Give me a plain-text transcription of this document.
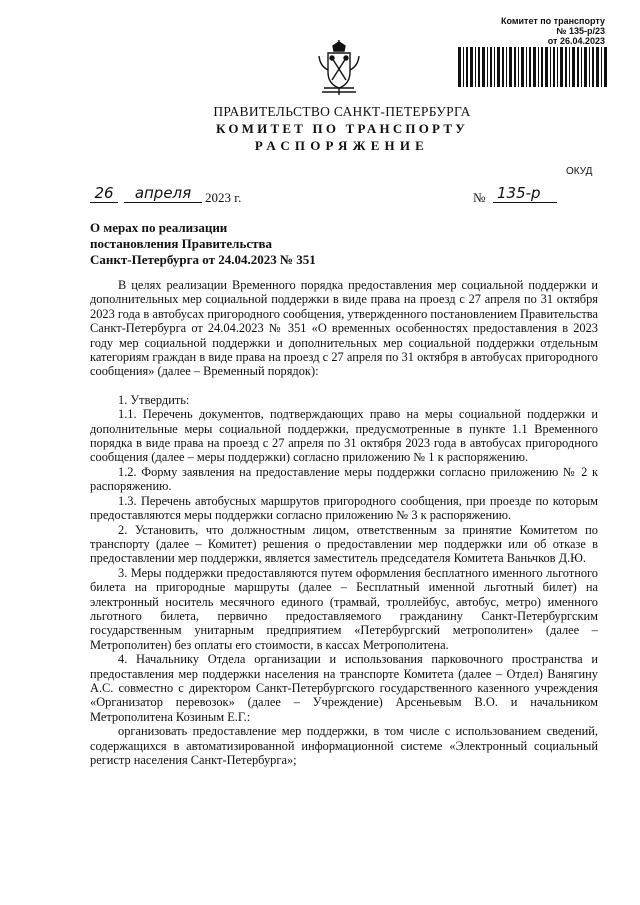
Комитет по транспорту
№ 135-р/23
от 26.04.2023
ПРАВИТЕЛЬСТВО САНКТ-ПЕТЕРБУРГА
КОМИТЕТ ПО ТРАНСПОРТУ
РАСПОРЯЖЕНИЕ
ОКУД
26	апреля	2023 г.	№ 135-р
О мерах по реализации
постановления Правительства
Санкт-Петербурга от 24.04.2023 № 351

В целях реализации Временного порядка предоставления мер социальной поддержки и дополнительных мер социальной поддержки в виде права на проезд с 27 апреля по 31 октября 2023 года в автобусах пригородного сообщения, утвержденного постановлением Правительства Санкт-Петербурга от 24.04.2023 № 351 «О временных особенностях предоставления в 2023 году мер социальной поддержки и дополнительных мер социальной поддержки отдельным категориям граждан в виде права на проезд с 27 апреля по 31 октября в автобусах пригородного сообщения» (далее – Временный порядок):

1. Утвердить:

1.1. Перечень документов, подтверждающих право на меры социальной поддержки и дополнительные меры социальной поддержки, предусмотренные в пункте 1.1 Временного порядка в виде права на проезд с 27 апреля по 31 октября 2023 года в автобусах пригородного сообщения (далее – меры поддержки) согласно приложению № 1 к распоряжению.

1.2. Форму заявления на предоставление меры поддержки согласно приложению № 2 к распоряжению.

1.3. Перечень автобусных маршрутов пригородного сообщения, при проезде по которым предоставляются меры поддержки согласно приложению № 3 к распоряжению.

2. Установить, что должностным лицом, ответственным за принятие Комитетом по транспорту (далее – Комитет) решения о предоставлении мер поддержки или об отказе в предоставлении мер поддержки, является заместитель председателя Комитета Ваньчков Д.Ю.

3. Меры поддержки предоставляются путем оформления бесплатного именного льготного билета на пригородные маршруты (далее – Бесплатный именной льготный билет) на электронный носитель месячного единого (трамвай, троллейбус, автобус, метро) именного льготного билета, первично предоставляемого гражданину Санкт-Петербургским государственным унитарным предприятием «Петербургский метрополитен» (далее – Метрополитен) без оплаты его стоимости, в кассах Метрополитена.

4. Начальнику Отдела организации и использования парковочного пространства и предоставления мер поддержки населения на транспорте Комитета (далее – Отдел) Ванягину А.С. совместно с директором Санкт-Петербургского государственного казенного учреждения «Организатор перевозок» (далее – Учреждение) Арсеньевым В.О. и начальником Метрополитена Козиным Е.Г.:

организовать предоставление мер поддержки, в том числе с использованием сведений, содержащихся в автоматизированной информационной системе «Электронный социальный регистр населения Санкт-Петербурга»;
